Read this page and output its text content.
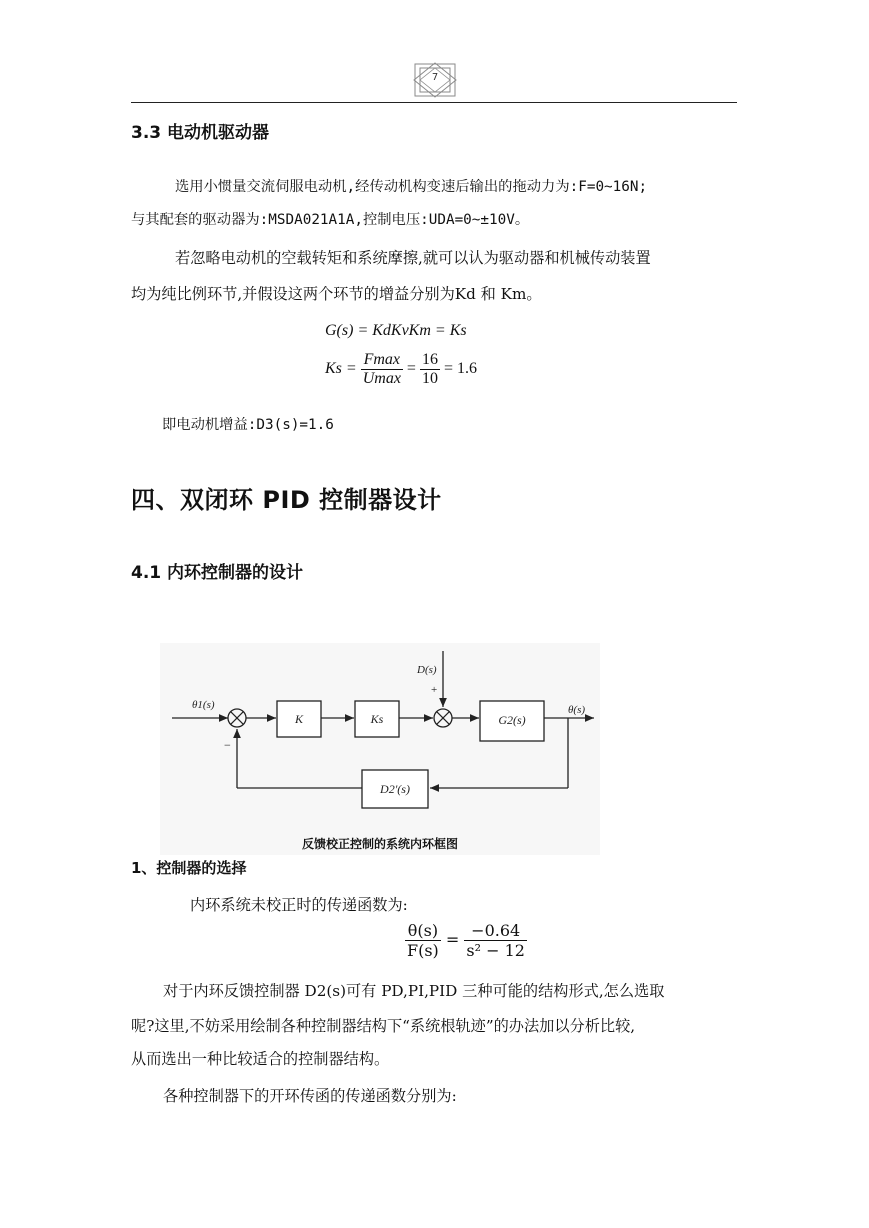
7
3.3 电动机驱动器
选用小惯量交流伺服电动机,经传动机构变速后输出的拖动力为:F=0~16N;
与其配套的驱动器为:MSDA021A1A,控制电压:UDA=0~±10V。
若忽略电动机的空载转矩和系统摩擦,就可以认为驱动器和机械传动装置
均为纯比例环节,并假设这两个环节的增益分别为Kd 和 Km。
G(s) = KdKvKm = Ks
$Ks = \frac{Fmax}{Umax} = \frac{16}{10} = 1.6$
即电动机增益:D3(s)=1.6
四、双闭环 PID 控制器设计
4.1 内环控制器的设计
θ1(s)
D(s)
+
−
K	Ks	G2(s)
D2'(s)
θ(s)
反馈校正控制的系统内环框图
1、控制器的选择
内环系统未校正时的传递函数为:
$\frac{\theta(s)}{F(s)} = \frac{-0.64}{\text{s² − 12}}$
对于内环反馈控制器 D2(s)可有 PD,PI,PID 三种可能的结构形式,怎么选取
呢?这里,不妨采用绘制各种控制器结构下“系统根轨迹”的办法加以分析比较,
从而选出一种比较适合的控制器结构。
各种控制器下的开环传函的传递函数分别为:
